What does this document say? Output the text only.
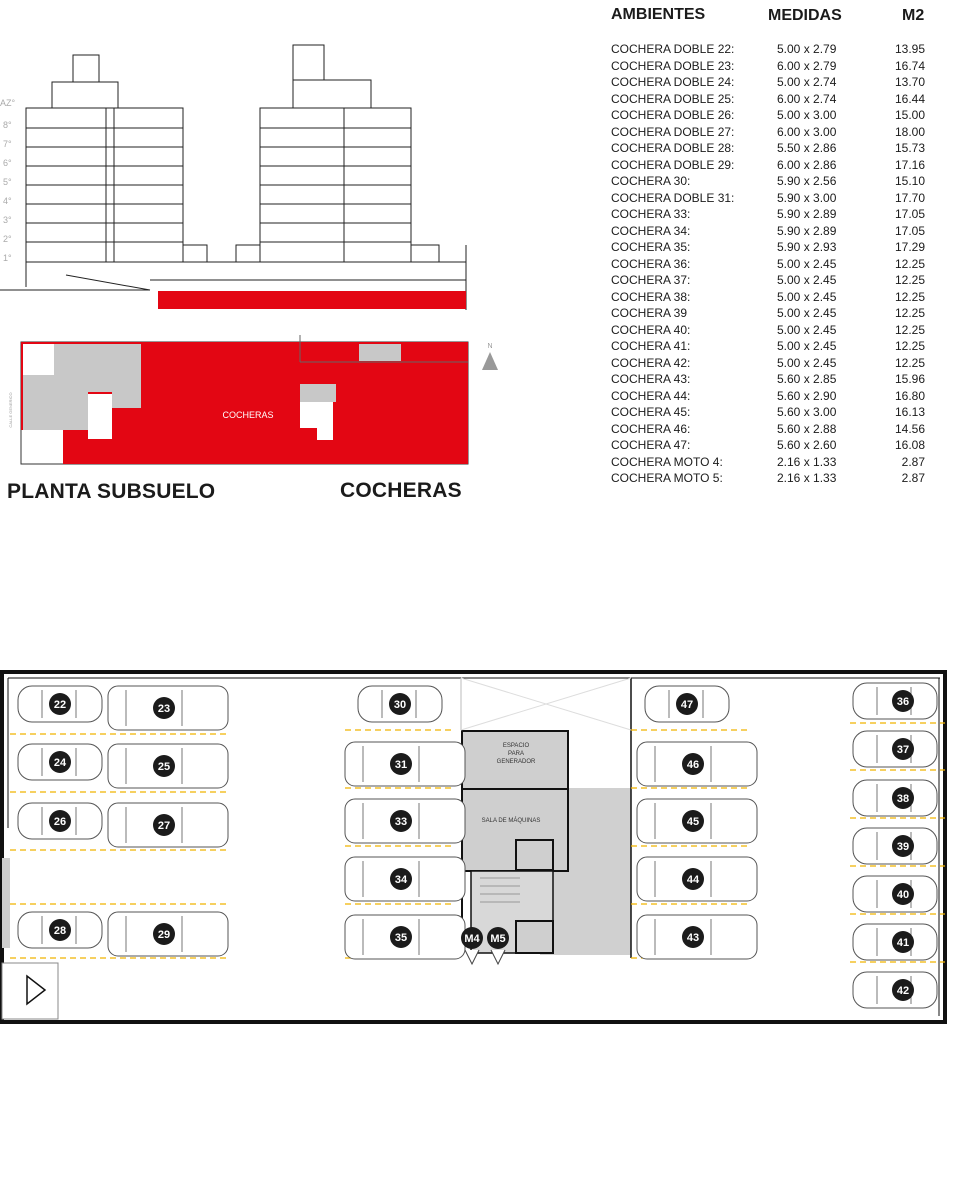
AZ°
8°
7°
6°
5°
4°
3°
2°
1°
COCHERAS
CALLE GENERICO
N
PLANTA SUBSUELO	COCHERAS
AMBIENTES	MEDIDAS	M2
COCHERA DOBLE 22:	5.00 x 2.79	13.95
COCHERA DOBLE 23:	6.00 x 2.79	16.74
COCHERA DOBLE 24:	5.00 x 2.74	13.70
COCHERA DOBLE 25:	6.00 x 2.74	16.44
COCHERA DOBLE 26:	5.00 x 3.00	15.00
COCHERA DOBLE 27:	6.00 x 3.00	18.00
COCHERA DOBLE 28:	5.50 x 2.86	15.73
COCHERA DOBLE 29:	6.00 x 2.86	17.16
COCHERA 30:	5.90 x 2.56	15.10
COCHERA DOBLE 31:	5.90 x 3.00	17.70
COCHERA 33:	5.90 x 2.89	17.05
COCHERA 34:	5.90 x 2.89	17.05
COCHERA 35:	5.90 x 2.93	17.29
COCHERA 36:	5.00 x 2.45	12.25
COCHERA 37:	5.00 x 2.45	12.25
COCHERA 38:	5.00 x 2.45	12.25
COCHERA 39	5.00 x 2.45	12.25
COCHERA 40:	5.00 x 2.45	12.25
COCHERA 41:	5.00 x 2.45	12.25
COCHERA 42:	5.00 x 2.45	12.25
COCHERA 43:	5.60 x 2.85	15.96
COCHERA 44:	5.60 x 2.90	16.80
COCHERA 45:	5.60 x 3.00	16.13
COCHERA 46:	5.60 x 2.88	14.56
COCHERA 47:	5.60 x 2.60	16.08
COCHERA MOTO 4:	2.16 x 1.33	2.87
COCHERA MOTO 5:	2.16 x 1.33	2.87
ESPACIO
PARA
GENERADOR
SALA DE MÁQUINAS
22	23
24	25
26	27
28	29
30
31
33
34
35
36
37
38
39
40
41
42
43
44
45
46
47
M4 M5
